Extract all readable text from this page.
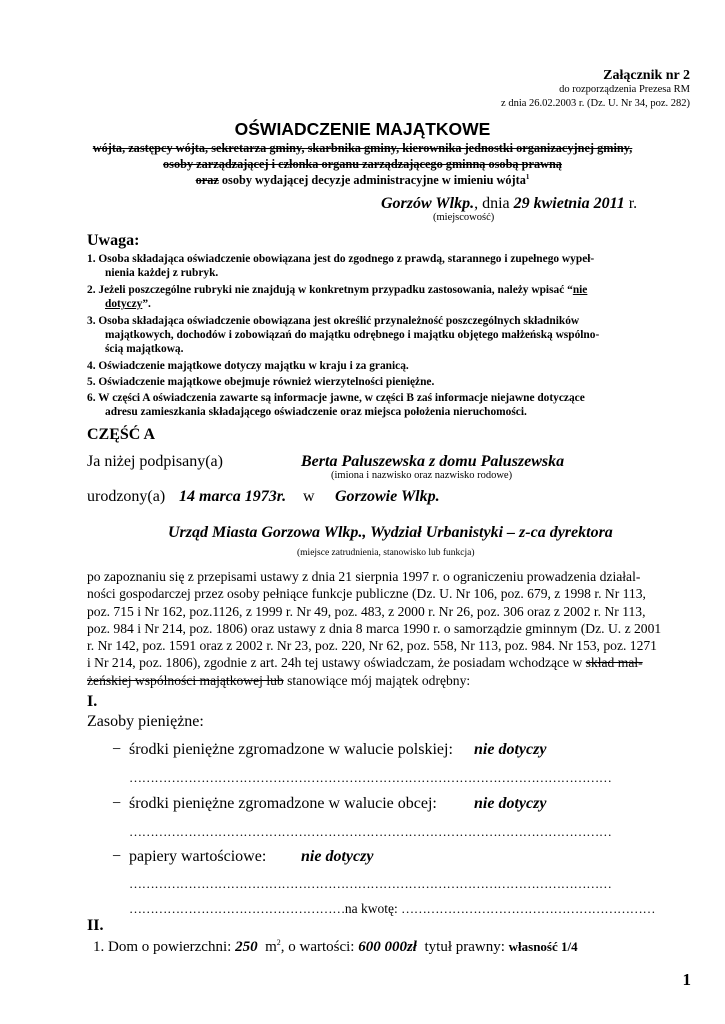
Załącznik nr 2
do rozporządzenia Prezesa RM
z dnia 26.02.2003 r. (Dz. U. Nr 34, poz. 282)
OŚWIADCZENIE MAJĄTKOWE
wójta, zastępcy wójta, sekretarza gminy, skarbnika gminy, kierownika jednostki organizacyjnej gminy,
osoby zarządzającej i członka organu zarządzającego gminną osobą prawną
oraz osoby wydającej decyzje administracyjne w imieniu wójta$^1$
Gorzów Wlkp., dnia 29 kwietnia 2011 r.
(miejscowość)
Uwaga:
1. Osoba składająca oświadczenie obowiązana jest do zgodnego z prawdą, starannego i zupełnego wypeł-
nienia każdej z rubryk.
2. Jeżeli poszczególne rubryki nie znajdują w konkretnym przypadku zastosowania, należy wpisać “nie
dotyczy”.
3. Osoba składająca oświadczenie obowiązana jest określić przynależność poszczególnych składników
majątkowych, dochodów i zobowiązań do majątku odrębnego i majątku objętego małżeńską wspólno-
ścią majątkową.
4. Oświadczenie majątkowe dotyczy majątku w kraju i za granicą.
5. Oświadczenie majątkowe obejmuje również wierzytelności pieniężne.
6. W części A oświadczenia zawarte są informacje jawne, w części B zaś informacje niejawne dotyczące
adresu zamieszkania składającego oświadczenie oraz miejsca położenia nieruchomości.
CZĘŚĆ A
Ja niżej podpisany(a)	Berta Paluszewska z domu Paluszewska
(imiona i nazwisko oraz nazwisko rodowe)
urodzony(a) 14 marca 1973r. w Gorzowie Wlkp.
Urząd Miasta Gorzowa Wlkp., Wydział Urbanistyki – z-ca dyrektora
(miejsce zatrudnienia, stanowisko lub funkcja)
po zapoznaniu się z przepisami ustawy z dnia 21 sierpnia 1997 r. o ograniczeniu prowadzenia działal-
ności gospodarczej przez osoby pełniące funkcje publiczne (Dz. U. Nr 106, poz. 679, z 1998 r. Nr 113,
poz. 715 i Nr 162, poz.1126, z 1999 r. Nr 49, poz. 483, z 2000 r. Nr 26, poz. 306 oraz z 2002 r. Nr 113,
poz. 984 i Nr 214, poz. 1806) oraz ustawy z dnia 8 marca 1990 r. o samorządzie gminnym (Dz. U. z 2001
r. Nr 142, poz. 1591 oraz z 2002 r. Nr 23, poz. 220, Nr 62, poz. 558, Nr 113, poz. 984. Nr 153, poz. 1271
i Nr 214, poz. 1806), zgodnie z art. 24h tej ustawy oświadczam, że posiadam wchodzące w skład mał-
żeńskiej wspólności majątkowej lub stanowiące mój majątek odrębny:
I.
Zasoby pieniężne:
− środki pieniężne zgromadzone w walucie polskiej: nie dotyczy
……………………………………………………………………………………………………
− środki pieniężne zgromadzone w walucie obcej: nie dotyczy
……………………………………………………………………………………………………
− papiery wartościowe: nie dotyczy
……………………………………………………………………………………………………
……………………………………………na kwotę: ……………………………………………………
II.
1. Dom o powierzchni: 250 $m^2$, o wartości: 600 000zł tytuł prawny: własność 1/4
1
